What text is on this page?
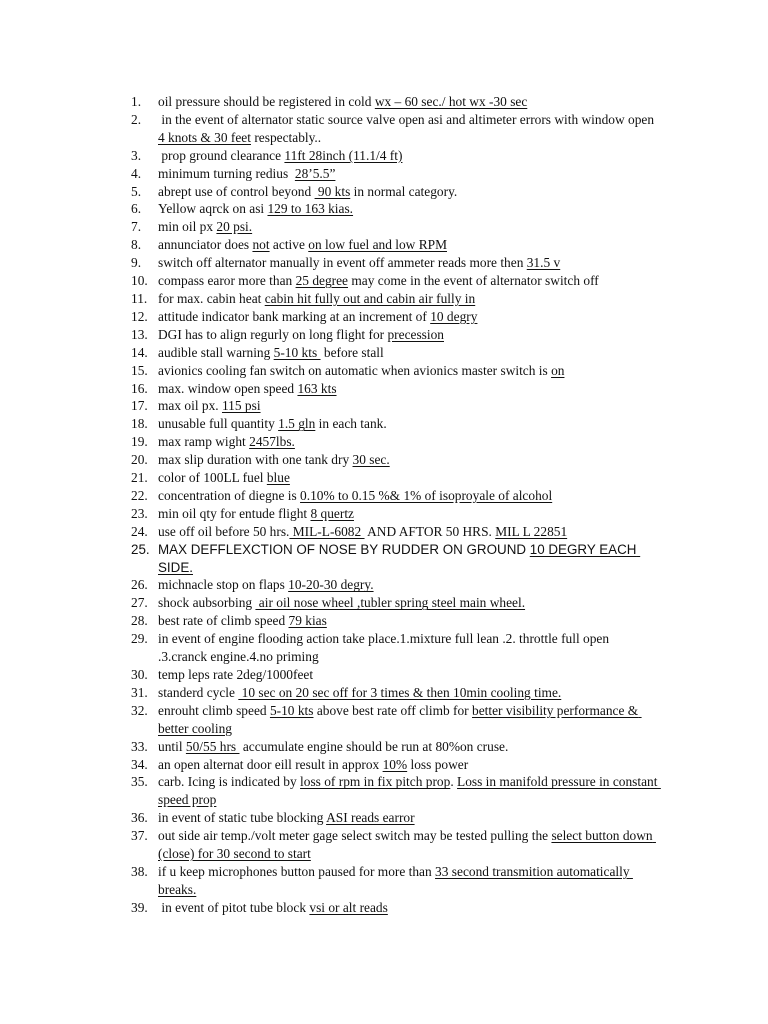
1.	oil pressure should be registered in cold wx – 60 sec./ hot wx -30 sec
2.	in the event of alternator static source valve open asi and altimeter errors with window open 4 knots & 30 feet respectably..
3.	prop ground clearance 11ft 28inch (11.1/4 ft)
4.	minimum turning redius  28’5.5”
5.	abrept use of control beyond  90 kts in normal category.
6.	Yellow aqrck on asi 129 to 163 kias.
7.	min oil px 20 psi.
8.	annunciator does not active on low fuel and low RPM
9.	switch off alternator manually in event off ammeter reads more then 31.5 v
10. compass earor more than 25 degree may come in the event of alternator switch off
11. for max. cabin heat cabin hit fully out and cabin air fully in
12. attitude indicator bank marking at an increment of 10 degry
13. DGI has to align regurly on long flight for precession
14. audible stall warning 5-10 kts  before stall
15. avionics cooling fan switch on automatic when avionics master switch is on
16. max. window open speed 163 kts
17. max oil px. 115 psi
18. unusable full quantity 1.5 gln in each tank.
19. max ramp wight 2457lbs.
20. max slip duration with one tank dry 30 sec.
21. color of 100LL fuel blue
22. concentration of diegne is 0.10% to 0.15 %& 1% of isoproyale of alcohol
23. min oil qty for entude flight 8 quertz
24. use off oil before 50 hrs. MIL-L-6082  AND AFTOR 50 HRS. MIL L 22851
25. MAX DEFFLEXCTION OF NOSE BY RUDDER ON GROUND 10 DEGRY EACH SIDE.
26. michnacle stop on flaps 10-20-30 degry.
27. shock aubsorbing  air oil nose wheel ,tubler spring steel main wheel.
28. best rate of climb speed 79 kias
29. in event of engine flooding action take place.1.mixture full lean .2. throttle full open .3.cranck engine.4.no priming
30. temp leps rate 2deg/1000feet
31. standerd cycle  10 sec on 20 sec off for 3 times & then 10min cooling time.
32. enrouht climb speed 5-10 kts above best rate off climb for better visibility performance & better cooling
33. until 50/55 hrs  accumulate engine should be run at 80%on cruse.
34. an open alternat door eill result in approx 10% loss power
35. carb. Icing is indicated by loss of rpm in fix pitch prop. Loss in manifold pressure in constant speed prop
36. in event of static tube blocking ASI reads earror
37. out side air temp./volt meter gage select switch may be tested pulling the select button down (close) for 30 second to start
38. if u keep microphones button paused for more than 33 second transmition automatically breaks.
39. in event of pitot tube block vsi or alt reads
